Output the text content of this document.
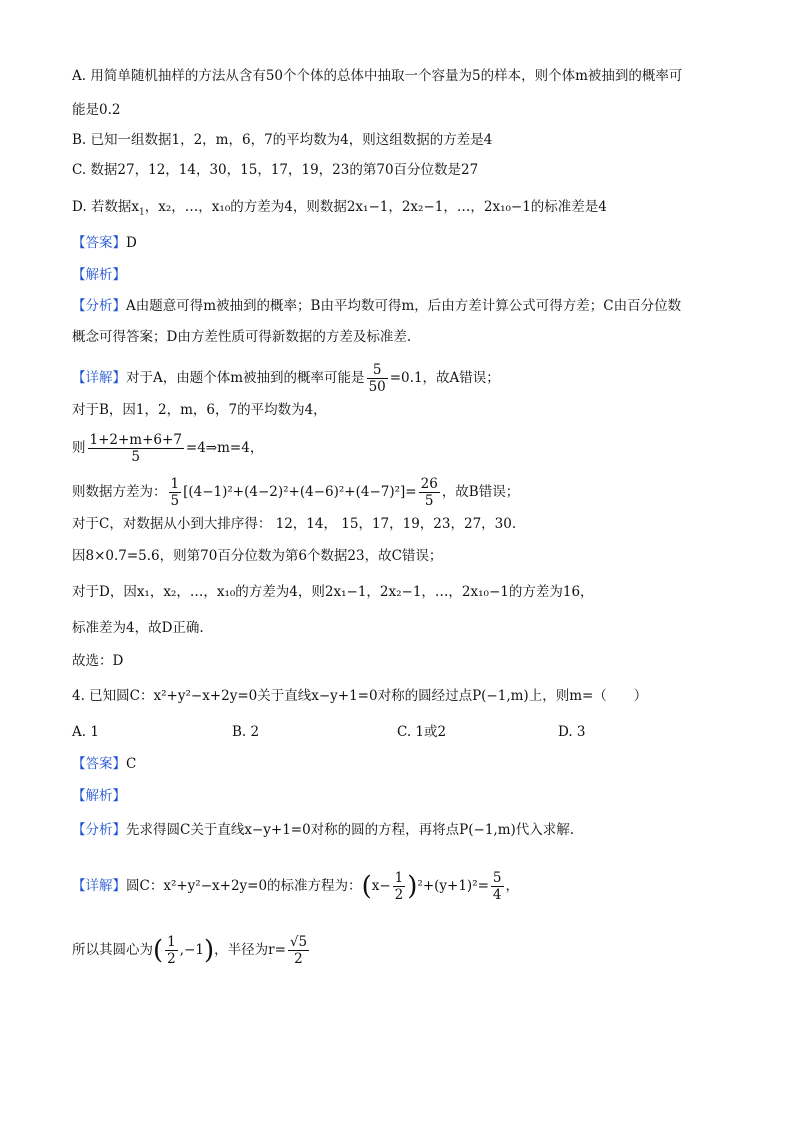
A. 用简单随机抽样的方法从含有50个个体的总体中抽取一个容量为5的样本，则个体m被抽到的概率可
能是0.2
B. 已知一组数据1，2，m，6，7的平均数为4，则这组数据的方差是4
C. 数据27，12，14，30，15，17，19，23的第70百分位数是27
D. 若数据$x_1$，x₂，…，x₁₀的方差为4，则数据2x₁−1，2x₂−1，…，2x₁₀−1的标准差是4
【答案】D
【解析】
【分析】A由题意可得m被抽到的概率；B由平均数可得m，后由方差计算公式可得方差；C由百分位数
概念可得答案；D由方差性质可得新数据的方差及标准差.
【详解】对于A，由题个体m被抽到的概率可能是 $\frac{5}{50} =0.1$，故A错误；
对于B，因1，2，m，6，7的平均数为4，
则 $\frac{1+2+m+6+7}{5}$ =4⇒m=4，
则数据方差为： $\frac{1}{5} [(4-1)^2+(4-2)^2+(4-6)^2+(4-7)^2]= \frac{26}{5}$ ，故B错误；
对于C，对数据从小到大排序得： 12，14， 15，17，19，23，27，30.
因8×0.7=5.6，则第70百分位数为第6个数据23，故C错误；
对于D，因x₁，x₂，…，x₁₀的方差为4，则2x₁−1，2x₂−1，…，2x₁₀−1的方差为16，
标准差为4，故D正确.
故选：D
4. 已知圆C：x²+y²−x+2y=0关于直线x−y+1=0对称的圆经过点P(−1,m)上，则m=（　　）
A. 1	B. 2	C. 1或2	D. 3
【答案】C
【解析】
【分析】先求得圆C关于直线x−y+1=0对称的圆的方程，再将点P(−1,m)代入求解.
【详解】圆C：x²+y²−x+2y=0的标准方程为：$(x- \frac{1}{2} )^2+(y+1)^2= \frac{5}{4}$ ，
所以其圆心为( $\frac{1}{2} ,-1$)，半径为$r= \frac{√5}{2}$
